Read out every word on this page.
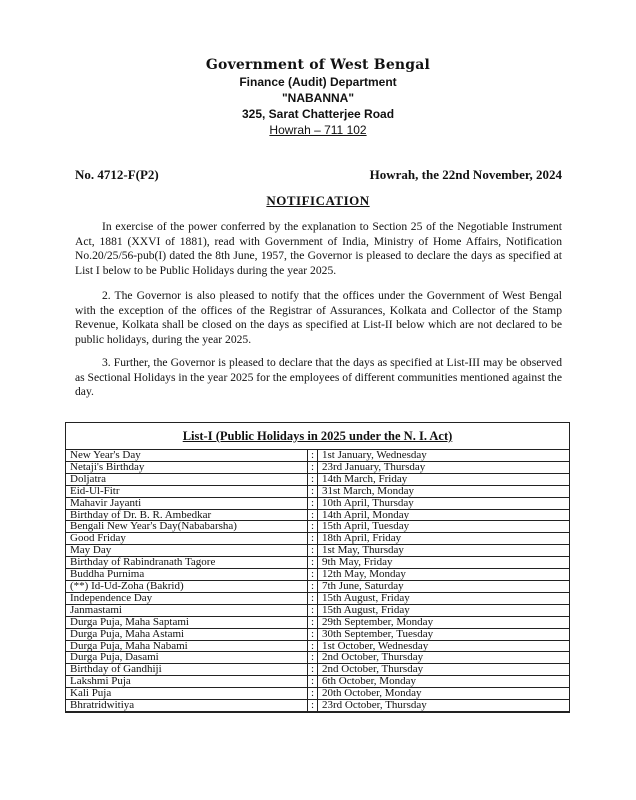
Government of West Bengal
Finance (Audit) Department
"NABANNA"
325, Sarat Chatterjee Road
Howrah – 711 102
No. 4712-F(P2)	Howrah, the 22nd November, 2024
NOTIFICATION
In exercise of the power conferred by the explanation to Section 25 of the Negotiable Instrument Act, 1881 (XXVI of 1881), read with Government of India, Ministry of Home Affairs, Notification No.20/25/56-pub(I) dated the 8th June, 1957, the Governor is pleased to declare the days as specified at List I below to be Public Holidays during the year 2025.
2. The Governor is also pleased to notify that the offices under the Government of West Bengal with the exception of the offices of the Registrar of Assurances, Kolkata and Collector of the Stamp Revenue, Kolkata shall be closed on the days as specified at List-II below which are not declared to be public holidays, during the year 2025.
3. Further, the Governor is pleased to declare that the days as specified at List-III may be observed as Sectional Holidays in the year 2025 for the employees of different communities mentioned against the day.
List-I (Public Holidays in 2025 under the N. I. Act)
New Year's Day	:	1st January, Wednesday
Netaji's Birthday	:	23rd January, Thursday
Doljatra	:	14th March, Friday
Eid-Ul-Fitr	:	31st March, Monday
Mahavir Jayanti	:	10th April, Thursday
Birthday of Dr. B. R. Ambedkar	:	14th April, Monday
Bengali New Year's Day(Nababarsha)	:	15th April, Tuesday
Good Friday	:	18th April, Friday
May Day	:	1st May, Thursday
Birthday of Rabindranath Tagore	:	9th May, Friday
Buddha Purnima	:	12th May, Monday
(**) Id-Ud-Zoha (Bakrid)	:	7th June, Saturday
Independence Day	:	15th August, Friday
Janmastami	:	15th August, Friday
Durga Puja, Maha Saptami	:	29th September, Monday
Durga Puja, Maha Astami	:	30th September, Tuesday
Durga Puja, Maha Nabami	:	1st October, Wednesday
Durga Puja, Dasami	:	2nd October, Thursday
Birthday of Gandhiji	:	2nd October, Thursday
Lakshmi Puja	:	6th October, Monday
Kali Puja	:	20th October, Monday
Bhratridwitiya	:	23rd October, Thursday
